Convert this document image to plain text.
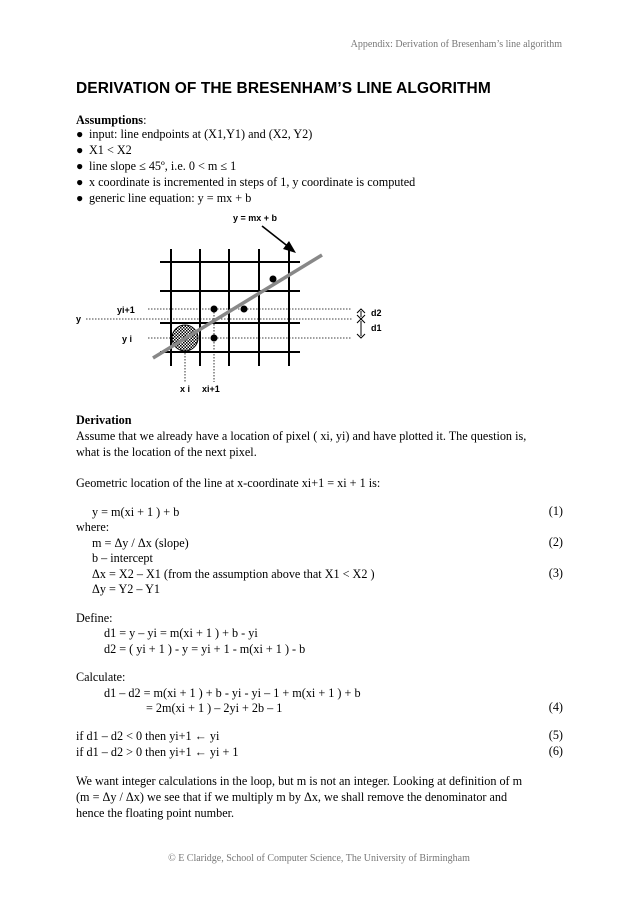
Appendix: Derivation of Bresenham’s line algorithm
DERIVATION OF THE BRESENHAM’S LINE ALGORITHM
Assumptions:
● input: line endpoints at (X1,Y1) and (X2, Y2)
● X1 < X2
● line slope ≤ 45º, i.e. 0 < m ≤ 1
● x coordinate is incremented in steps of 1, y coordinate is computed
● generic line equation: y = mx + b
y = mx + b
y
yi+1
y i
x i xi+1
d2
d1
Derivation
Assume that we already have a location of pixel ( xi, yi) and have plotted it. The question is,
what is the location of the next pixel.
Geometric location of the line at x-coordinate xi+1 = xi + 1 is:
y = m(xi + 1 ) + b	(1)
where:
m = Δy / Δx (slope)	(2)
b – intercept
Δx = X2 – X1 (from the assumption above that X1 < X2 )	(3)
Δy = Y2 – Y1
Define:
d1 = y – yi = m(xi + 1 ) + b - yi
d2 = ( yi + 1 ) - y = yi + 1 - m(xi + 1 ) - b
Calculate:
d1 – d2 = m(xi + 1 ) + b - yi - yi – 1 + m(xi + 1 ) + b
= 2m(xi + 1 ) – 2yi + 2b – 1	(4)
if d1 – d2 < 0 then yi+1 ← yi	(5)
if d1 – d2 > 0 then yi+1 ← yi + 1	(6)
We want integer calculations in the loop, but m is not an integer. Looking at definition of m
(m = Δy / Δx) we see that if we multiply m by Δx, we shall remove the denominator and
hence the floating point number.
© E Claridge, School of Computer Science, The University of Birmingham
